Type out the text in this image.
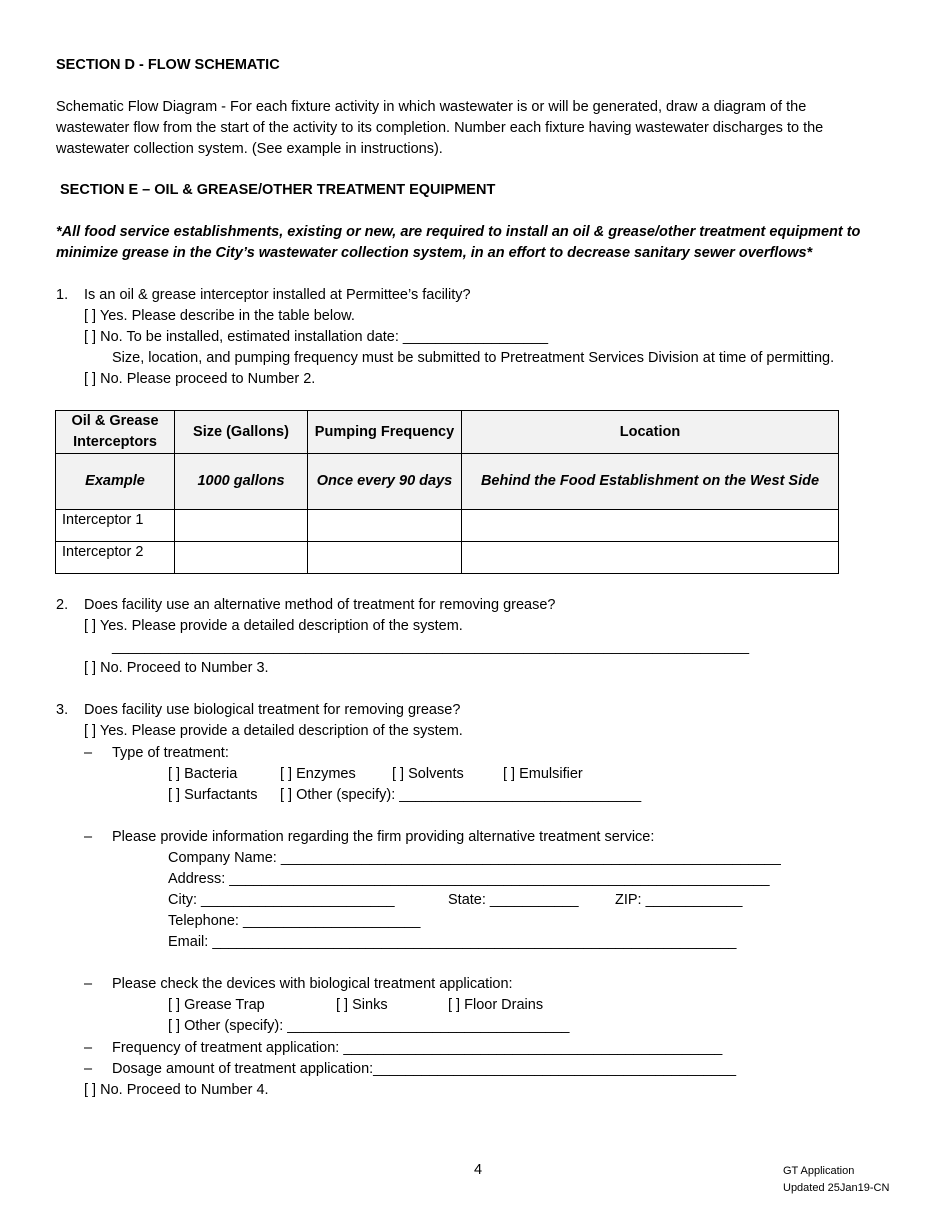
SECTION D - FLOW SCHEMATIC
Schematic Flow Diagram - For each fixture activity in which wastewater is or will be generated, draw a diagram of the
wastewater flow from the start of the activity to its completion. Number each fixture having wastewater discharges to the
wastewater collection system. (See example in instructions).
SECTION E – OIL & GREASE/OTHER TREATMENT EQUIPMENT
*All food service establishments, existing or new, are required to install an oil & grease/other treatment equipment to
minimize grease in the City’s wastewater collection system, in an effort to decrease sanitary sewer overflows*
1. Is an oil & grease interceptor installed at Permittee’s facility?
[ ] Yes. Please describe in the table below.
[ ] No. To be installed, estimated installation date: __________________
Size, location, and pumping frequency must be submitted to Pretreatment Services Division at time of permitting.
[ ] No. Please proceed to Number 2.
Oil & Grease Interceptors	Size (Gallons)	Pumping Frequency	Location
Example	1000 gallons	Once every 90 days	Behind the Food Establishment on the West Side
Interceptor 1			
Interceptor 2			
2. Does facility use an alternative method of treatment for removing grease?
[ ] Yes. Please provide a detailed description of the system.
_______________________________________________________________________________
[ ] No. Proceed to Number 3.
3. Does facility use biological treatment for removing grease?
[ ] Yes. Please provide a detailed description of the system.
– Type of treatment:
[ ] Bacteria	[ ] Enzymes	[ ] Solvents	[ ] Emulsifier
[ ] Surfactants [ ] Other (specify): ______________________________
– Please provide information regarding the firm providing alternative treatment service:
Company Name: ______________________________________________________________
Address: ___________________________________________________________________
City: ________________________	State: ___________	ZIP: ____________
Telephone: ______________________
Email: _________________________________________________________________
– Please check the devices with biological treatment application:
[ ] Grease Trap	[ ] Sinks	[ ] Floor Drains
[ ] Other (specify): ___________________________________
– Frequency of treatment application: _______________________________________________
– Dosage amount of treatment application:_____________________________________________
[ ] No. Proceed to Number 4.
4	GT Application
Updated 25Jan19-CN
